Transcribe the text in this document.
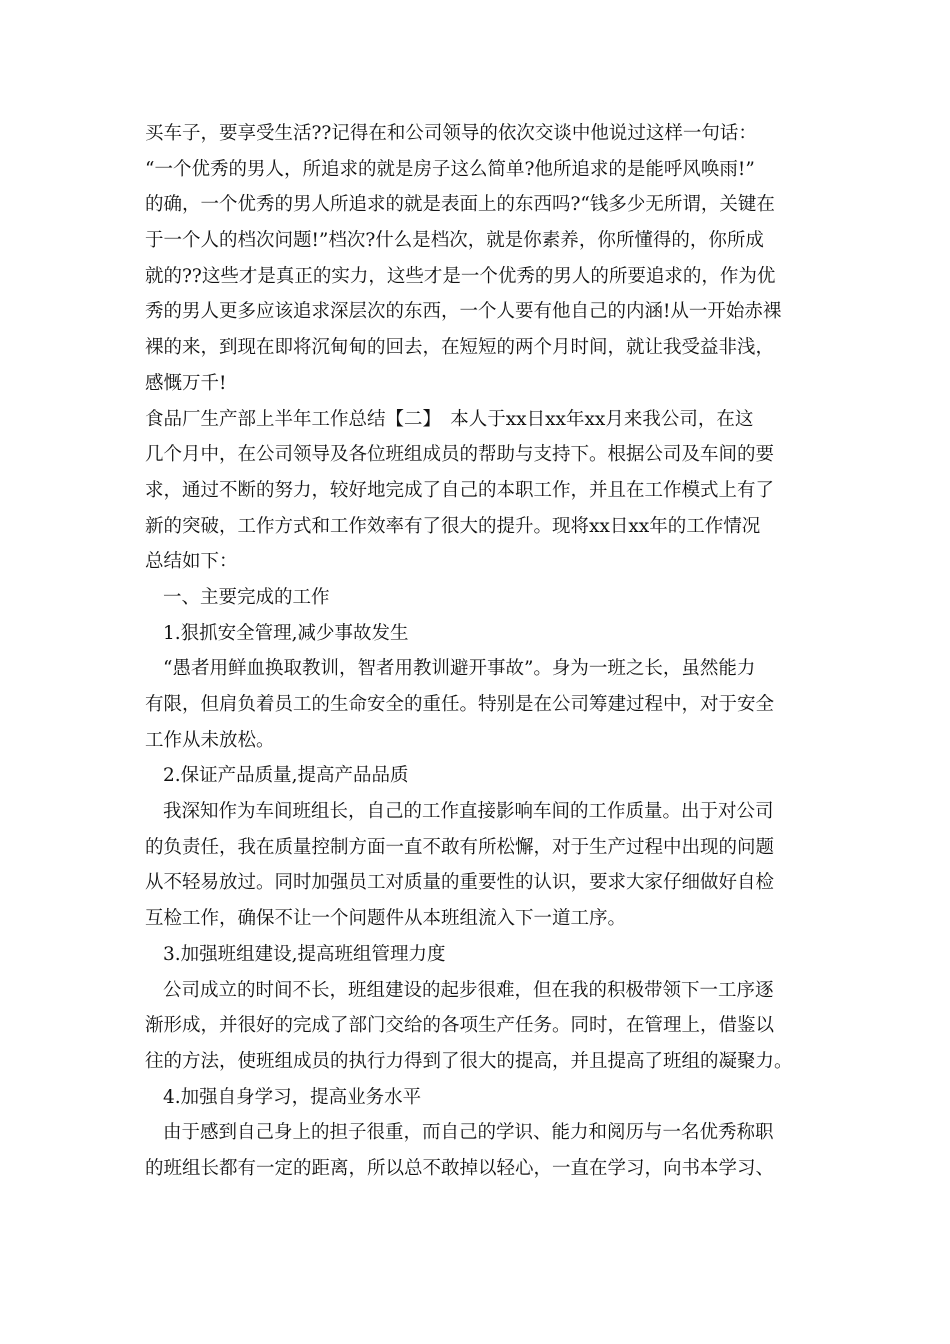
买车子，要享受生活??记得在和公司领导的依次交谈中他说过这样一句话：
“一个优秀的男人，所追求的就是房子这么简单?他所追求的是能呼风唤雨!”
的确，一个优秀的男人所追求的就是表面上的东西吗?“钱多少无所谓，关键在
于一个人的档次问题!”档次?什么是档次，就是你素养，你所懂得的，你所成
就的??这些才是真正的实力，这些才是一个优秀的男人的所要追求的，作为优
秀的男人更多应该追求深层次的东西，一个人要有他自己的内涵!从一开始赤裸
裸的来，到现在即将沉甸甸的回去，在短短的两个月时间，就让我受益非浅，
感慨万千!
食品厂生产部上半年工作总结【二】　本人于xx日xx年xx月来我公司，在这
几个月中，在公司领导及各位班组成员的帮助与支持下。根据公司及车间的要
求，通过不断的努力，较好地完成了自己的本职工作，并且在工作模式上有了
新的突破，工作方式和工作效率有了很大的提升。现将xx日xx年的工作情况
总结如下：
一、主要完成的工作
1.狠抓安全管理,减少事故发生
“愚者用鲜血换取教训，智者用教训避开事故”。身为一班之长，虽然能力
有限，但肩负着员工的生命安全的重任。特别是在公司筹建过程中，对于安全
工作从未放松。
2.保证产品质量,提高产品品质
我深知作为车间班组长，自己的工作直接影响车间的工作质量。出于对公司
的负责任，我在质量控制方面一直不敢有所松懈，对于生产过程中出现的问题
从不轻易放过。同时加强员工对质量的重要性的认识，要求大家仔细做好自检
互检工作，确保不让一个问题件从本班组流入下一道工序。
3.加强班组建设,提高班组管理力度
公司成立的时间不长，班组建设的起步很难，但在我的积极带领下一工序逐
渐形成，并很好的完成了部门交给的各项生产任务。同时，在管理上，借鉴以
往的方法，使班组成员的执行力得到了很大的提高，并且提高了班组的凝聚力。
4.加强自身学习，提高业务水平
由于感到自己身上的担子很重，而自己的学识、能力和阅历与一名优秀称职
的班组长都有一定的距离，所以总不敢掉以轻心，一直在学习，向书本学习、
